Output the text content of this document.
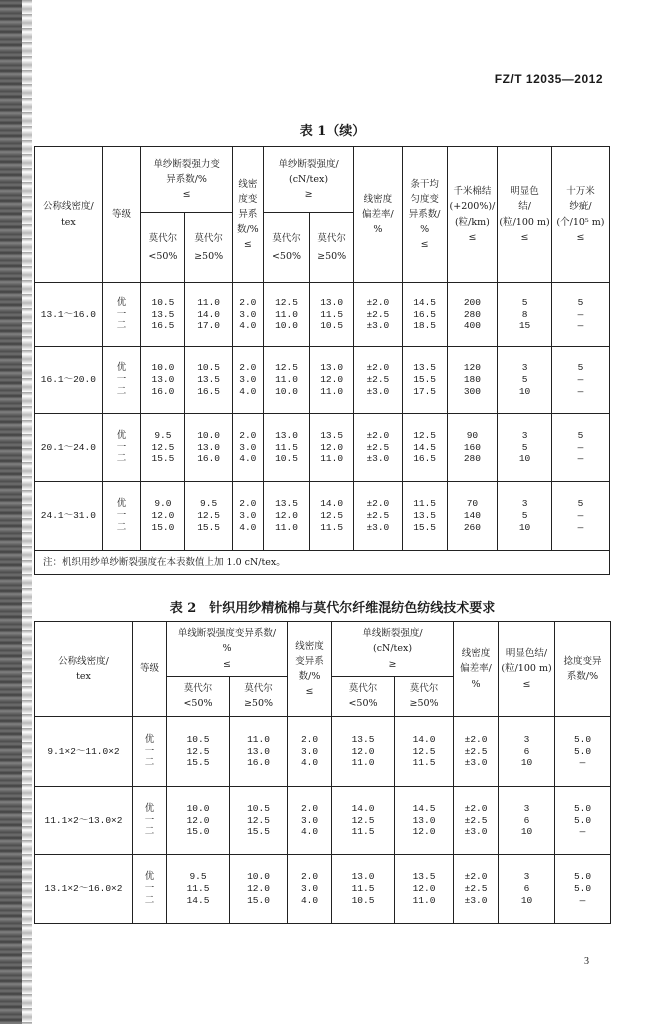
FZ/T 12035—2012
表 1（续）
公称线密度/
tex	等级	单纱断裂强力变
异系数/%
≤		线密
度变
异系
数/%
≤	单纱断裂强度/
(cN/tex)
≥		线密度
偏差率/
%	条干均
匀度变
异系数/
%
≤	千米棉结
(+200%)/
(粒/km)
≤	明显色
结/
(粒/100 m)
≤	十万米
纱疵/
(个/10⁵ m)
≤
		莫代尔
<50%	莫代尔
≥50%		莫代尔
<50%	莫代尔
≥50%					
13.1～16.0	优
一
二	10.5
13.5
16.5	11.0
14.0
17.0	2.0
3.0
4.0	12.5
11.0
10.0	13.0
11.5
10.5	±2.0
±2.5
±3.0	14.5
16.5
18.5	200
280
400	5
8
15	5
—
—
16.1～20.0	优
一
二	10.0
13.0
16.0	10.5
13.5
16.5	2.0
3.0
4.0	12.5
11.0
10.0	13.0
12.0
11.0	±2.0
±2.5
±3.0	13.5
15.5
17.5	120
180
300	3
5
10	5
—
—
20.1～24.0	优
一
二	9.5
12.5
15.5	10.0
13.0
16.0	2.0
3.0
4.0	13.0
11.5
10.5	13.5
12.0
11.0	±2.0
±2.5
±3.0	12.5
14.5
16.5	90
160
280	3
5
10	5
—
—
24.1～31.0	优
一
二	9.0
12.0
15.0	9.5
12.5
15.5	2.0
3.0
4.0	13.5
12.0
11.0	14.0
12.5
11.5	±2.0
±2.5
±3.0	11.5
13.5
15.5	70
140
260	3
5
10	5
—
—
注：机织用纱单纱断裂强度在本表数值上加 1.0 cN/tex。											
表 2　针织用纱精梳棉与莫代尔纤维混纺色纺线技术要求
公称线密度/
tex	等级	单线断裂强度变异系数/
%
≤		线密度
变异系
数/%
≤	单线断裂强度/
(cN/tex)
≥		线密度
偏差率/
%	明显色结/
(粒/100 m)
≤	捻度变异
系数/%
		莫代尔
<50%	莫代尔
≥50%		莫代尔
<50%	莫代尔
≥50%			
9.1×2～11.0×2	优
一
二	10.5
12.5
15.5	11.0
13.0
16.0	2.0
3.0
4.0	13.5
12.0
11.0	14.0
12.5
11.5	±2.0
±2.5
±3.0	3
6
10	5.0
5.0
—
11.1×2～13.0×2	优
一
二	10.0
12.0
15.0	10.5
12.5
15.5	2.0
3.0
4.0	14.0
12.5
11.5	14.5
13.0
12.0	±2.0
±2.5
±3.0	3
6
10	5.0
5.0
—
13.1×2～16.0×2	优
一
二	9.5
11.5
14.5	10.0
12.0
15.0	2.0
3.0
4.0	13.0
11.5
10.5	13.5
12.0
11.0	±2.0
±2.5
±3.0	3
6
10	5.0
5.0
—
3
